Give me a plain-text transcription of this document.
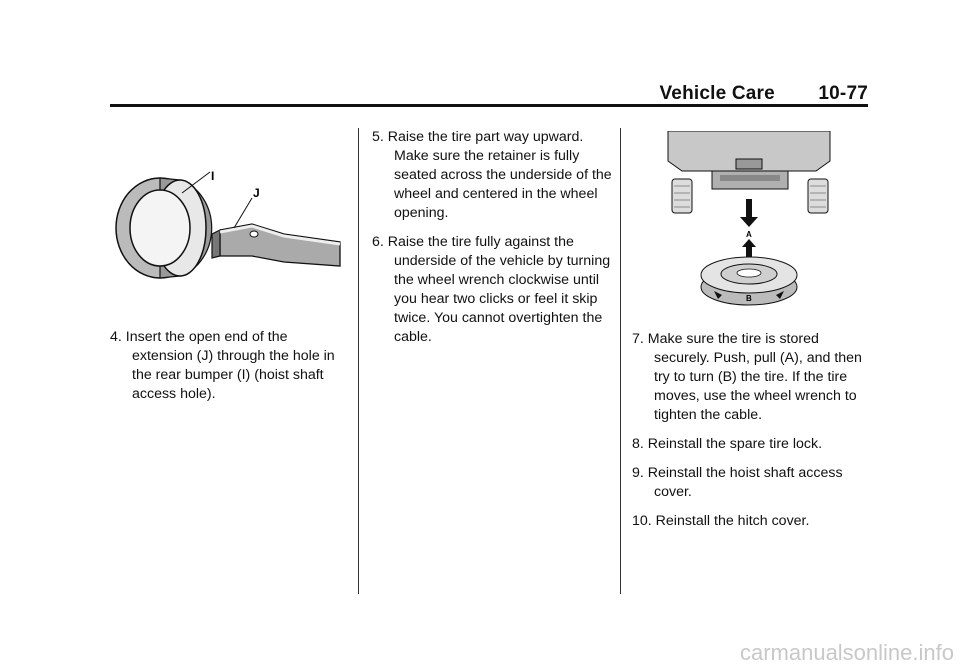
Vehicle Care 10-77
I
J
A
B

4. Insert the open end of the extension (J) through the hole in the rear bumper (I) (hoist shaft access hole).

5. Raise the tire part way upward. Make sure the retainer is fully seated across the underside of the wheel and centered in the wheel opening.

6. Raise the tire fully against the underside of the vehicle by turning the wheel wrench clockwise until you hear two clicks or feel it skip twice. You cannot overtighten the cable.	7. Make sure the tire is stored securely. Push, pull (A), and then try to turn (B) the tire. If the tire moves, use the wheel wrench to tighten the cable.

8. Reinstall the spare tire lock.

9. Reinstall the hoist shaft access cover.

10. Reinstall the hitch cover.

carmanualsonline.info
